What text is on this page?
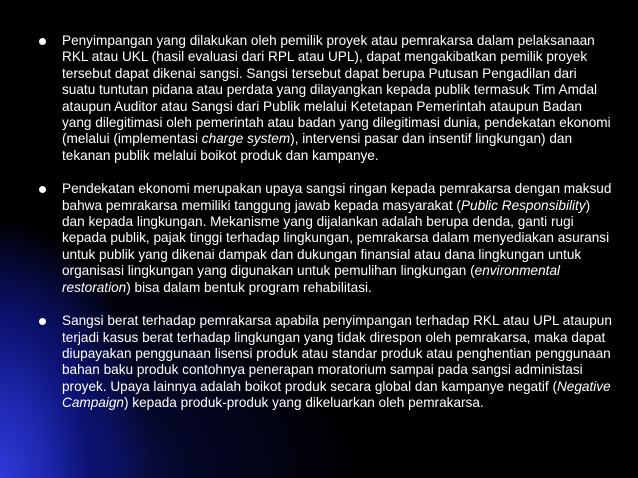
Penyimpangan yang dilakukan oleh pemilik proyek atau pemrakarsa dalam pelaksanaan RKL atau UKL (hasil evaluasi dari RPL atau UPL), dapat mengakibatkan pemilik proyek tersebut dapat dikenai sangsi. Sangsi tersebut dapat berupa Putusan Pengadilan dari suatu tuntutan pidana atau perdata yang dilayangkan kepada publik termasuk Tim Amdal ataupun Auditor atau Sangsi dari Publik melalui Ketetapan Pemerintah ataupun Badan yang dilegitimasi oleh pemerintah atau badan yang dilegitimasi dunia, pendekatan ekonomi (melalui (implementasi charge system), intervensi pasar dan insentif lingkungan) dan tekanan publik melalui boikot produk dan kampanye.
Pendekatan ekonomi merupakan upaya sangsi ringan kepada pemrakarsa dengan maksud bahwa pemrakarsa memiliki tanggung jawab kepada masyarakat (Public Responsibility) dan kepada lingkungan. Mekanisme yang dijalankan adalah berupa denda, ganti rugi kepada publik, pajak tinggi terhadap lingkungan, pemrakarsa dalam menyediakan asuransi untuk publik yang dikenai dampak dan dukungan finansial atau dana lingkungan untuk organisasi lingkungan yang digunakan untuk pemulihan lingkungan (environmental restoration) bisa dalam bentuk program rehabilitasi.
Sangsi berat terhadap pemrakarsa apabila penyimpangan terhadap RKL atau UPL ataupun terjadi kasus berat terhadap lingkungan yang tidak direspon oleh pemrakarsa, maka dapat diupayakan penggunaan lisensi produk atau standar produk atau penghentian penggunaan bahan baku produk contohnya penerapan moratorium sampai pada sangsi administasi proyek. Upaya lainnya adalah boikot produk secara global dan kampanye negatif (Negative Campaign) kepada produk-produk yang dikeluarkan oleh pemrakarsa.
